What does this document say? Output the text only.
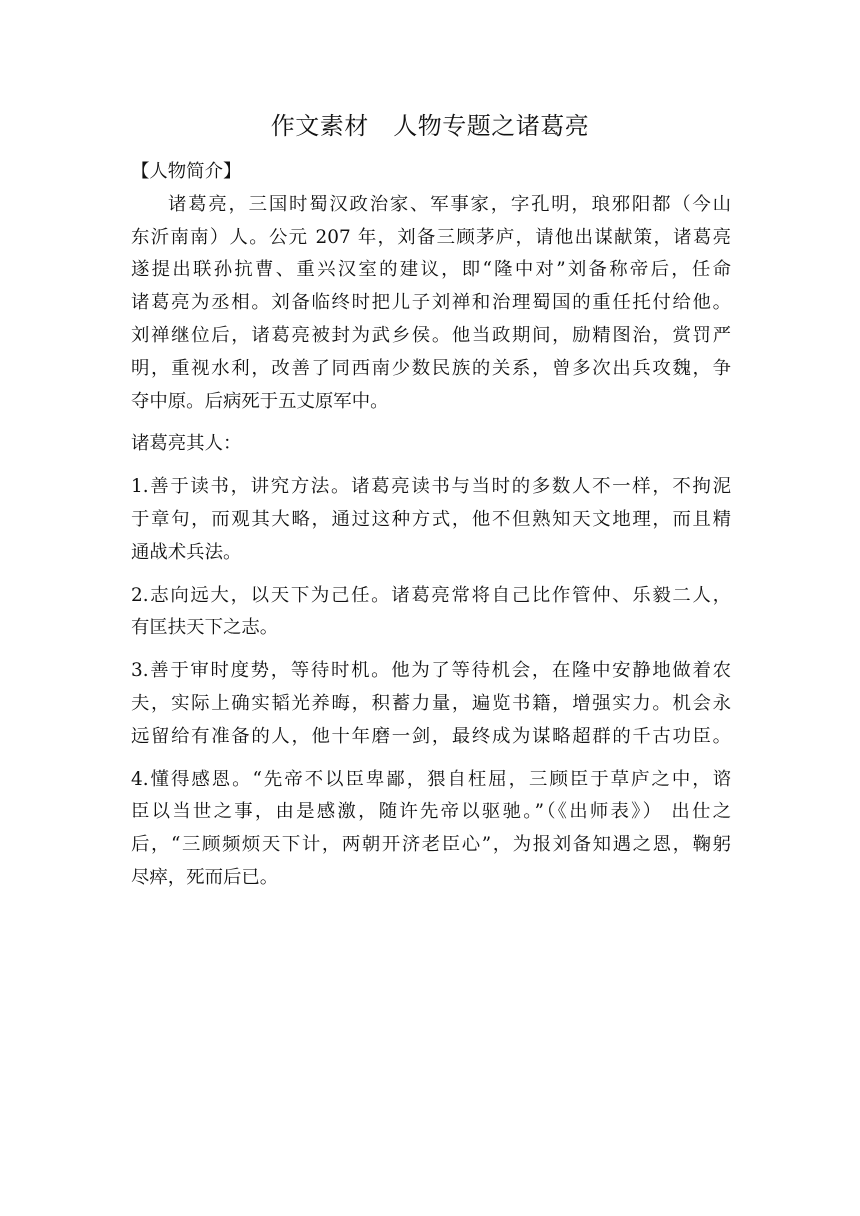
作文素材　人物专题之诸葛亮
【人物简介】
诸葛亮，三国时蜀汉政治家、军事家，字孔明，琅邪阳都（今山
东沂南南）人。公元 207 年，刘备三顾茅庐，请他出谋献策，诸葛亮
遂提出联孙抗曹、重兴汉室的建议，即“隆中对”刘备称帝后，任命
诸葛亮为丞相。刘备临终时把儿子刘禅和治理蜀国的重任托付给他。
刘禅继位后，诸葛亮被封为武乡侯。他当政期间，励精图治，赏罚严
明，重视水利，改善了同西南少数民族的关系，曾多次出兵攻魏，争
夺中原。后病死于五丈原军中。
诸葛亮其人：
1.善于读书，讲究方法。诸葛亮读书与当时的多数人不一样，不拘泥
于章句，而观其大略，通过这种方式，他不但熟知天文地理，而且精
通战术兵法。
2.志向远大，以天下为己任。诸葛亮常将自己比作管仲、乐毅二人，
有匡扶天下之志。
3.善于审时度势，等待时机。他为了等待机会，在隆中安静地做着农
夫，实际上确实韬光养晦，积蓄力量，遍览书籍，增强实力。机会永
远留给有准备的人，他十年磨一剑，最终成为谋略超群的千古功臣。
4.懂得感恩。“先帝不以臣卑鄙，猥自枉屈，三顾臣于草庐之中，谘
臣以当世之事，由是感激，随许先帝以驱驰。”（《出师表》） 出仕之
后，“三顾频烦天下计，两朝开济老臣心”，为报刘备知遇之恩，鞠躬
尽瘁，死而后已。
